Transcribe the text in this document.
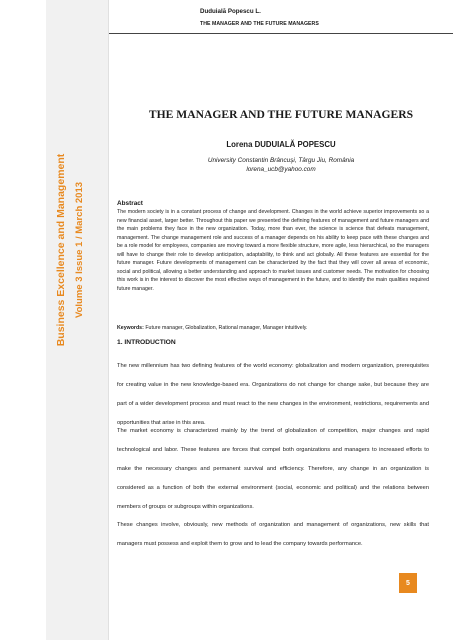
Business Excellence and Management Volume 3 Issue 1 / March 2013
Duduială Popescu L.
THE MANAGER AND THE FUTURE MANAGERS
THE MANAGER AND THE FUTURE MANAGERS
Lorena DUDUIALĂ POPESCU
University Constantin Brâncuşi, Târgu Jiu, România
lorena_ucb@yahoo.com
Abstract
The modern society is in a constant process of change and development. Changes in the world achieve superior improvements so a new financial asset, larger better. Throughout this paper we presented the defining features of management and future managers and the main problems they face in the new organization. Today, more than ever, the science is science that defeats management, management. The change management role and success of a manager depends on his ability to keep pace with these changes and be a role model for employees, companies are moving toward a more flexible structure, more agile, less hierarchical, so the managers will have to change their role to develop anticipation, adaptability, to think and act globally. All these features are essential for the future manager. Future developments of management can be characterized by the fact that they will cover all areas of economic, social and political, allowing a better understanding and approach to market issues and customer needs. The motivation for choosing this work is in the interest to discover the most effective ways of management in the future, and to identify the main qualities required future manager.
Keywords: Future manager, Globalization, Rational manager, Manager intuitively.
1. INTRODUCTION
The new millennium has two defining features of the world economy: globalization and modern organization, prerequisites for creating value in the new knowledge-based era. Organizations do not change for change sake, but because they are part of a wider development process and must react to the new changes in the environment, restrictions, requirements and opportunities that arise in this area.
The market economy is characterized mainly by the trend of globalization of competition, major changes and rapid technological and labor. These features are forces that compel both organizations and managers to increased efforts to make the necessary changes and permanent survival and efficiency. Therefore, any change in an organization is considered as a function of both the external environment (social, economic and political) and the relations between members of groups or subgroups within organizations.
These changes involve, obviously, new methods of organization and management of organizations, new skills that managers must possess and exploit them to grow and to lead the company towards performance.
5
